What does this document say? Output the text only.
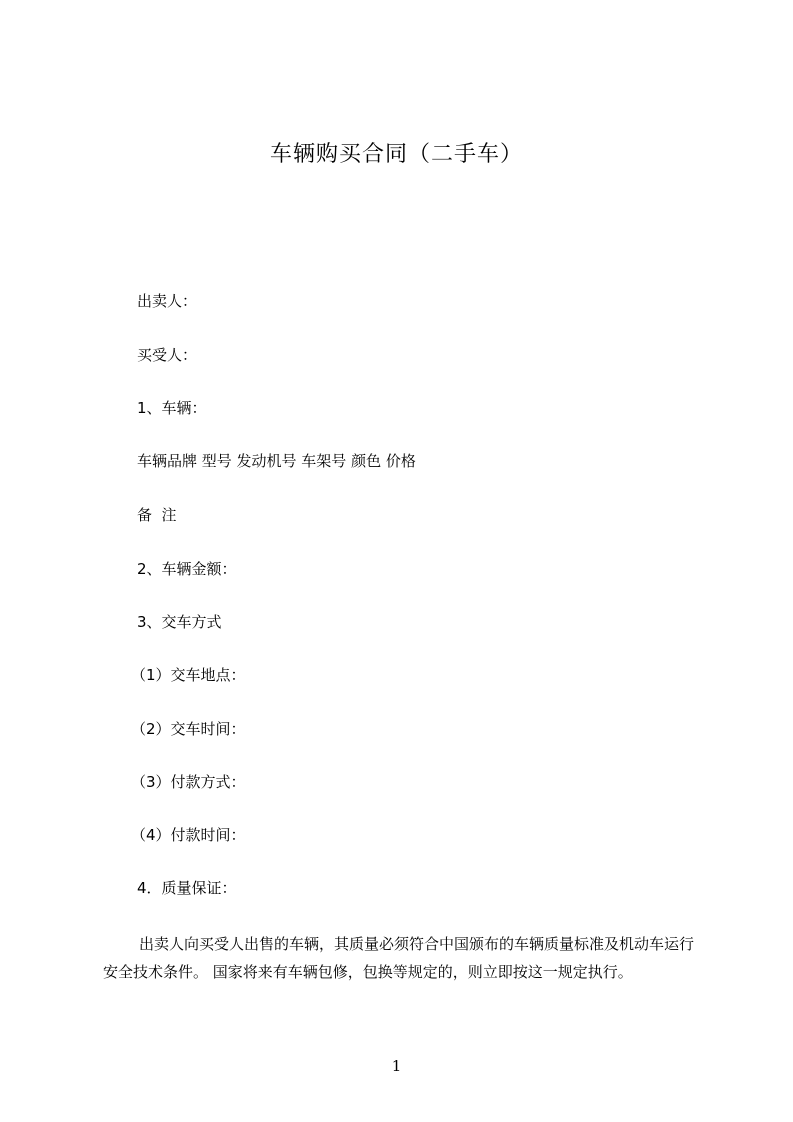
车辆购买合同（二手车）
出卖人：
买受人：
1、车辆：
车辆品牌 型号 发动机号 车架号 颜色 价格
备  注
2、车辆金额：
3、交车方式
（1）交车地点：
（2）交车时间：
（3）付款方式：
（4）付款时间：
4．质量保证：
出卖人向买受人出售的车辆，其质量必须符合中国颁布的车辆质量标准及机动车运行安全技术条件。 国家将来有车辆包修，包换等规定的，则立即按这一规定执行。
1
